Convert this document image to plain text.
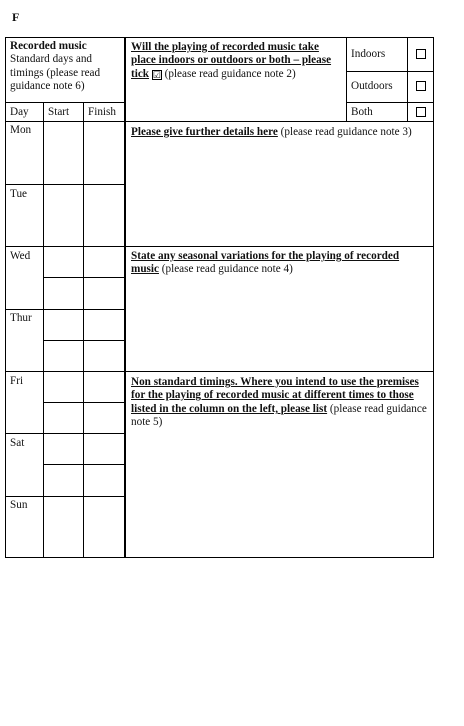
F
Recorded music
Standard days and timings (please read guidance note 6)
Day Start Finish
Mon
Tue
Wed
Thur
Fri
Sat
Sun
Will the playing of recorded music take place indoors or outdoors or both – please tick ☑ (please read guidance note 2)
Indoors
Outdoors
Both
Please give further details here (please read guidance note 3)
State any seasonal variations for the playing of recorded music (please read guidance note 4)
Non standard timings. Where you intend to use the premises for the playing of recorded music at different times to those listed in the column on the left, please list (please read guidance note 5)
